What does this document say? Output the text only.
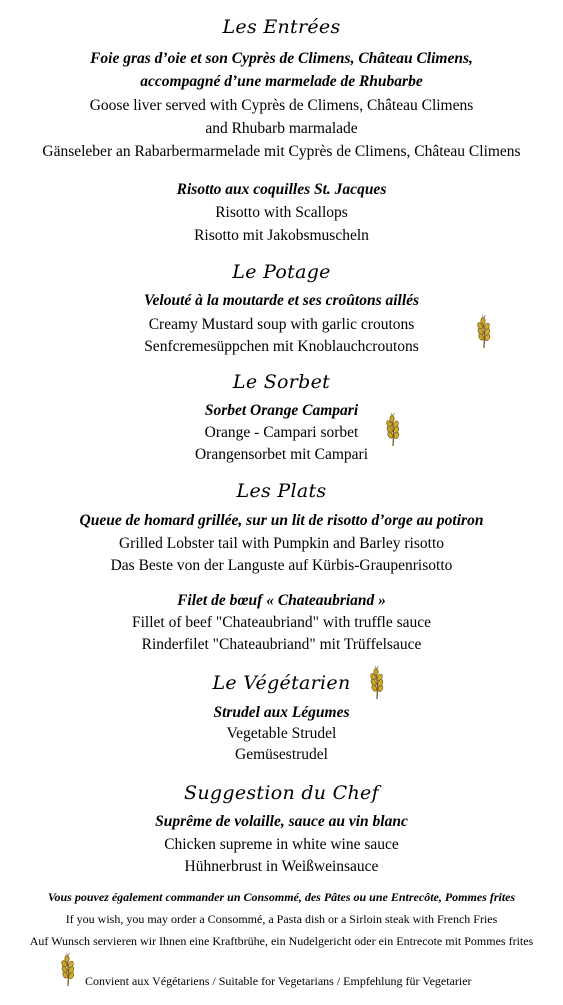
Les Entrées
Foie gras d’oie et son Cyprès de Climens, Château Climens,
accompagné d’une marmelade de Rhubarbe
Goose liver served with Cyprès de Climens, Château Climens
and Rhubarb marmalade
Gänseleber an Rabarbermarmelade mit Cyprès de Climens, Château Climens
Risotto aux coquilles St. Jacques
Risotto with Scallops
Risotto mit Jakobsmuscheln
Le Potage
Velouté à la moutarde et ses croûtons aillés
Creamy Mustard soup with garlic croutons
Senfcremesüppchen mit Knoblauchcroutons
Le Sorbet
Sorbet Orange Campari
Orange - Campari sorbet
Orangensorbet mit Campari
Les Plats
Queue de homard grillée, sur un lit de risotto d’orge au potiron
Grilled Lobster tail with Pumpkin and Barley risotto
Das Beste von der Languste auf Kürbis-Graupenrisotto
Filet de bœuf « Chateaubriand »
Fillet of beef "Chateaubriand" with truffle sauce
Rinderfilet "Chateaubriand" mit Trüffelsauce
Le Végétarien
Strudel aux Légumes
Vegetable Strudel
Gemüsestrudel
Suggestion du Chef
Suprême de volaille, sauce au vin blanc
Chicken supreme in white wine sauce
Hühnerbrust in Weißweinsauce
Vous pouvez également commander un Consommé, des Pâtes ou une Entrecôte, Pommes frites
If you wish, you may order a Consommé, a Pasta dish or a Sirloin steak with French Fries
Auf Wunsch servieren wir Ihnen eine Kraftbrühe, ein Nudelgericht oder ein Entrecote mit Pommes frites
Convient aux Végétariens / Suitable for Vegetarians / Empfehlung für Vegetarier
